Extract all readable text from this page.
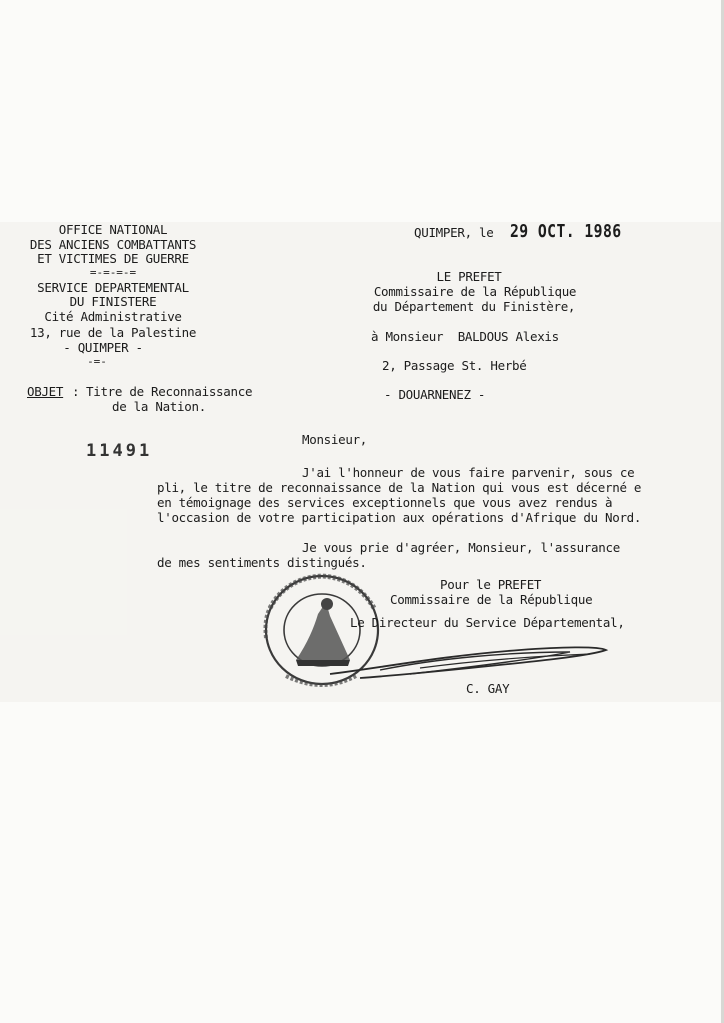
OFFICE NATIONAL
DES ANCIENS COMBATTANTS
ET VICTIMES DE GUERRE
=-=-=-=
SERVICE DEPARTEMENTAL
DU FINISTERE
Cité Administrative
13, rue de la Palestine
- QUIMPER -
-=-
OBJET : Titre de Reconnaissance
de la Nation.
11491
QUIMPER, le 29 OCT. 1986
LE PREFET
Commissaire de la République
du Département du Finistère,
à Monsieur  BALDOUS Alexis
2, Passage St. Herbé
- DOUARNENEZ -
Monsieur,
J'ai l'honneur de vous faire parvenir, sous ce
pli, le titre de reconnaissance de la Nation qui vous est décerné e
en témoignage des services exceptionnels que vous avez rendus à
l'occasion de votre participation aux opérations d'Afrique du Nord.
Je vous prie d'agréer, Monsieur, l'assurance
de mes sentiments distingués.
Pour le PREFET
Commissaire de la République
Le Directeur du Service Départemental,
C. GAY
